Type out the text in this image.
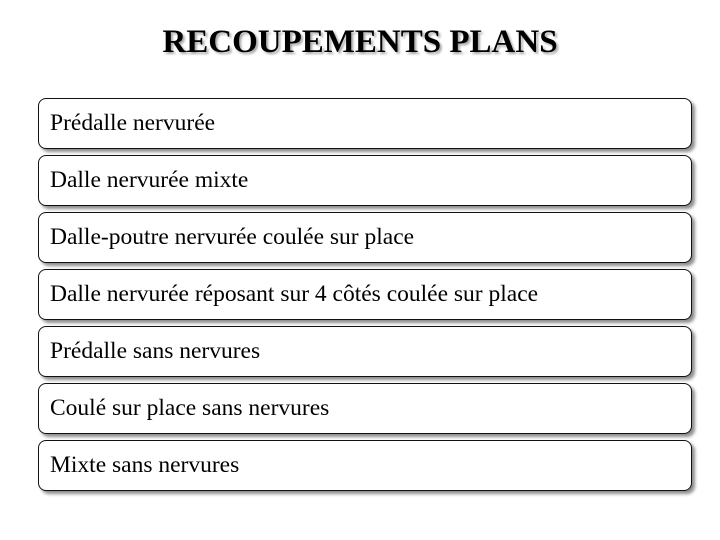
RECOUPEMENTS PLANS
Prédalle nervurée
Dalle nervurée mixte
Dalle-poutre nervurée coulée sur place
Dalle nervurée réposant sur 4 côtés coulée sur place
Prédalle sans nervures
Coulé sur place sans nervures
Mixte sans nervures
